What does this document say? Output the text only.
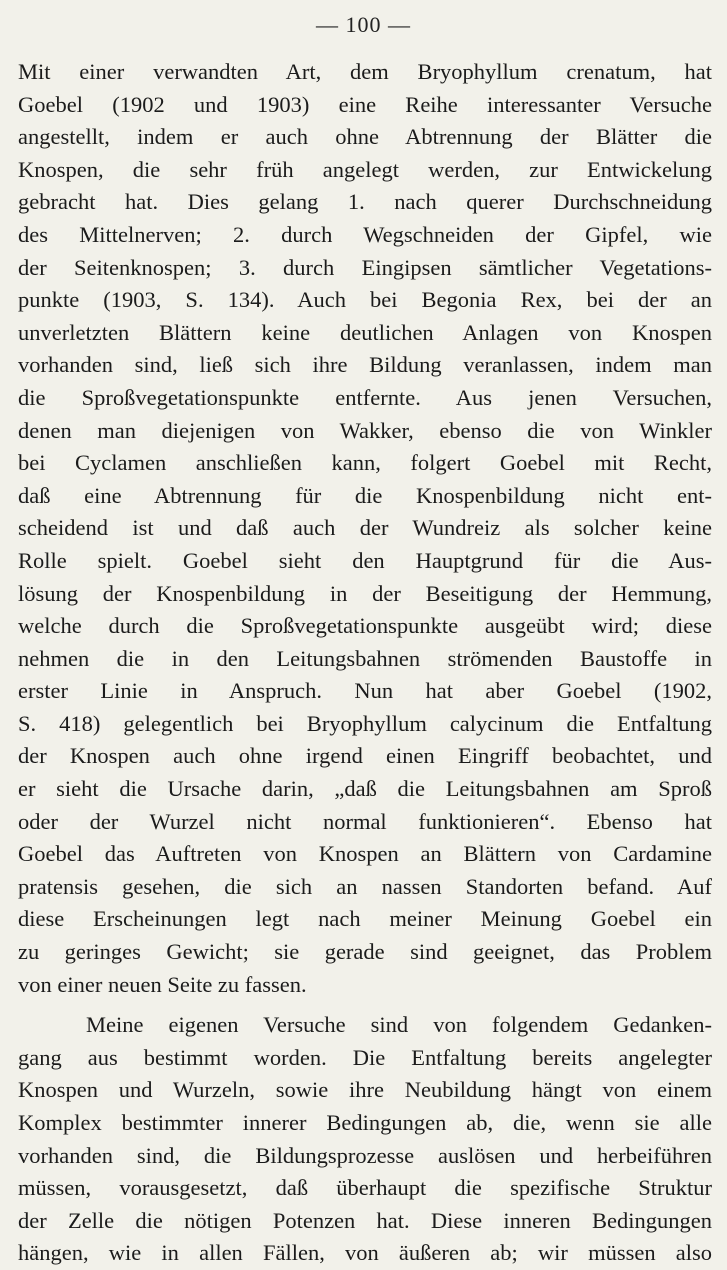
— 100 —
Mit einer verwandten Art, dem Bryophyllum crenatum, hat
Goebel (1902 und 1903) eine Reihe interessanter Versuche
angestellt, indem er auch ohne Abtrennung der Blätter die
Knospen, die sehr früh angelegt werden, zur Entwickelung
gebracht hat. Dies gelang 1. nach querer Durchschneidung
des Mittelnerven; 2. durch Wegschneiden der Gipfel, wie
der Seitenknospen; 3. durch Eingipsen sämtlicher Vegetations-
punkte (1903, S. 134). Auch bei Begonia Rex, bei der an
unverletzten Blättern keine deutlichen Anlagen von Knospen
vorhanden sind, ließ sich ihre Bildung veranlassen, indem man
die Sproßvegetationspunkte entfernte. Aus jenen Versuchen,
denen man diejenigen von Wakker, ebenso die von Winkler
bei Cyclamen anschließen kann, folgert Goebel mit Recht,
daß eine Abtrennung für die Knospenbildung nicht ent-
scheidend ist und daß auch der Wundreiz als solcher keine
Rolle spielt. Goebel sieht den Hauptgrund für die Aus-
lösung der Knospenbildung in der Beseitigung der Hemmung,
welche durch die Sproßvegetationspunkte ausgeübt wird; diese
nehmen die in den Leitungsbahnen strömenden Baustoffe in
erster Linie in Anspruch. Nun hat aber Goebel (1902,
S. 418) gelegentlich bei Bryophyllum calycinum die Entfaltung
der Knospen auch ohne irgend einen Eingriff beobachtet, und
er sieht die Ursache darin, „daß die Leitungsbahnen am Sproß
oder der Wurzel nicht normal funktionieren“. Ebenso hat
Goebel das Auftreten von Knospen an Blättern von Cardamine
pratensis gesehen, die sich an nassen Standorten befand. Auf
diese Erscheinungen legt nach meiner Meinung Goebel ein
zu geringes Gewicht; sie gerade sind geeignet, das Problem
von einer neuen Seite zu fassen.
Meine eigenen Versuche sind von folgendem Gedanken-
gang aus bestimmt worden. Die Entfaltung bereits angelegter
Knospen und Wurzeln, sowie ihre Neubildung hängt von einem
Komplex bestimmter innerer Bedingungen ab, die, wenn sie alle
vorhanden sind, die Bildungsprozesse auslösen und herbeiführen
müssen, vorausgesetzt, daß überhaupt die spezifische Struktur
der Zelle die nötigen Potenzen hat. Diese inneren Bedingungen
hängen, wie in allen Fällen, von äußeren ab; wir müssen also
